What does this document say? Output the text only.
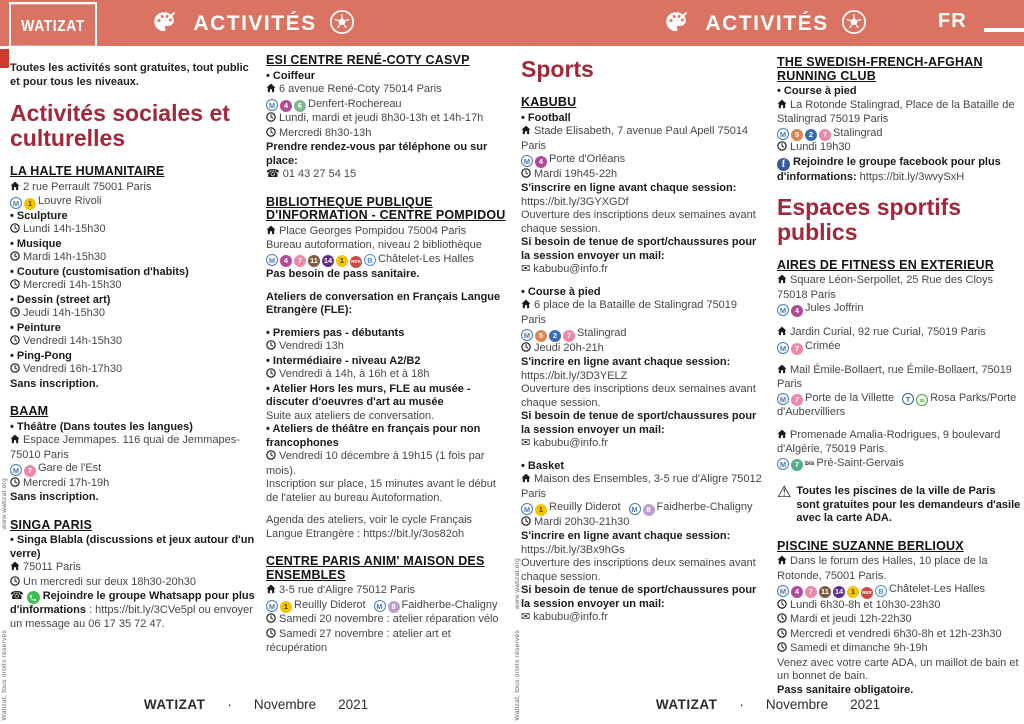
WATIZAT	ACTIVITÉS	ACTIVITÉS	FR
Toutes les activités sont gratuites, tout public et pour tous les niveaux.
Activités sociales et culturelles
LA HALTE HUMANITAIRE
2 rue Perrault 75001 Paris
M 1 Louvre Rivoli
• Sculpture
Lundi 14h-15h30
• Musique
Mardi 14h-15h30
• Couture (customisation d'habits)
Mercredi 14h-15h30
• Dessin (street art)
Jeudi 14h-15h30
• Peinture
Vendredi 14h-15h30
• Ping-Pong
Vendredi 16h-17h30
Sans inscription.
BAAM
• Théâtre (Dans toutes les langues)
Espace Jemmapes. 116 quai de Jemmapes- 75010 Paris
M 7 Gare de l'Est
Mercredi 17h-19h
Sans inscription.
SINGA PARIS
• Singa Blabla (discussions et jeux autour d'un verre)
75011 Paris
Un mercredi sur deux 18h30-20h30
☎ Rejoindre le groupe Whatsapp pour plus d'informations : https://bit.ly/3CVe5pl ou envoyer un message au 06 17 35 72 47.
ESI CENTRE RENÉ-COTY CASVP
• Coiffeur
6 avenue René-Coty 75014 Paris
M 4 6 Denfert-Rochereau
Lundi, mardi et jeudi 8h30-13h et 14h-17h
Mercredi 8h30-13h
Prendre rendez-vous par téléphone ou sur place:
☎ 01 43 27 54 15
BIBLIOTHEQUE PUBLIQUE D'INFORMATION - CENTRE POMPIDOU
Place Georges Pompidou 75004 Paris
Bureau autoformation, niveau 2 bibliothèque
M 4 7 11 14 1 RER B Châtelet-Les Halles
Pas besoin de pass sanitaire.
Ateliers de conversation en Français Langue Etrangère (FLE):
• Premiers pas - débutants
Vendredi 13h
• Intermédiaire - niveau A2/B2
Vendredi à 14h, à 16h et à 18h
• Atelier Hors les murs, FLE au musée - discuter d'oeuvres d'art au musée
Suite aux ateliers de conversation.
• Ateliers de théâtre en français pour non francophones
Vendredi 10 décembre à 19h15 (1 fois par mois).
Inscription sur place, 15 minutes avant le début de l'atelier au bureau Autoformation.
Agenda des ateliers, voir le cycle Français Langue Etrangère : https://bit.ly/3os82oh
CENTRE PARIS ANIM' MAISON DES ENSEMBLES
3-5 rue d'Aligre 75012 Paris
M 1 Reuilly Diderot M 8 Faidherbe-Chaligny
Samedi 20 novembre : atelier réparation vélo
Samedi 27 novembre : atelier art et récupération
Sports
KABUBU
• Football
Stade Elisabeth, 7 avenue Paul Apell 75014 Paris
M 4 Porte d'Orléans
Mardi 19h45-22h
S'inscrire en ligne avant chaque session:
https://bit.ly/3GYXGDf
Ouverture des inscriptions deux semaines avant chaque session.
Si besoin de tenue de sport/chaussures pour la session envoyer un mail:
✉ kabubu@info.fr
• Course à pied
6 place de la Bataille de Stalingrad 75019 Paris
M 5 2 7 Stalingrad
Jeudi 20h-21h
S'incrire en ligne avant chaque session:
https://bit.ly/3D3YELZ
Ouverture des inscriptions deux semaines avant chaque session.
Si besoin de tenue de sport/chaussures pour la session envoyer un mail:
✉ kabubu@info.fr
• Basket
Maison des Ensembles, 3-5 rue d'Aligre 75012 Paris
M 1 Reuilly Diderot M 8 Faidherbe-Chaligny
Mardi 20h30-21h30
S'incrire en ligne avant chaque session:
https://bit.ly/3Bx9hGs
Ouverture des inscriptions deux semaines avant chaque session.
Si besoin de tenue de sport/chaussures pour la session envoyer un mail:
✉ kabubu@info.fr
THE SWEDISH-FRENCH-AFGHAN RUNNING CLUB
• Course à pied
La Rotonde Stalingrad, Place de la Bataille de Stalingrad 75019 Paris
M 5 2 7 Stalingrad
Lundi 19h30
f Rejoindre le groupe facebook pour plus d'informations: https://bit.ly/3wvySxH
Espaces sportifs publics
AIRES DE FITNESS EN EXTERIEUR
Square Léon-Serpollet, 25 Rue des Cloys 75018 Paris
M 4 Jules Joffrin
Jardin Curial, 92 rue Curial, 75019 Paris
M 7 Crimée
Mail Émile-Bollaert, rue Émile-Bollaert, 75019 Paris
M 7 Porte de la Villette T 3b Rosa Parks/Porte d'Aubervilliers
Promenade Amalia-Rodrigues, 9 boulevard d'Algérie, 75019 Paris.
M 7 bis Pré-Saint-Gervais
⚠ Toutes les piscines de la ville de Paris sont gratuites pour les demandeurs d'asile avec la carte ADA.
PISCINE SUZANNE BERLIOUX
Dans le forum des Halles, 10 place de la Rotonde, 75001 Paris.
M 4 7 11 14 1 RER B Châtelet-Les Halles
Lundi 6h30-8h et 10h30-23h30
Mardi et jeudi 12h-22h30
Mercredi et vendredi 6h30-8h et 12h-23h30
Samedi et dimanche 9h-19h
Venez avec votre carte ADA, un maillot de bain et un bonnet de bain.
Pass sanitaire obligatoire.
WATIZAT · Novembre 2021	WATIZAT · Novembre 2021
www.watizat.org
Watizat, tous droits réservés
www.watizat.org
Watizat, tous droits réservés
